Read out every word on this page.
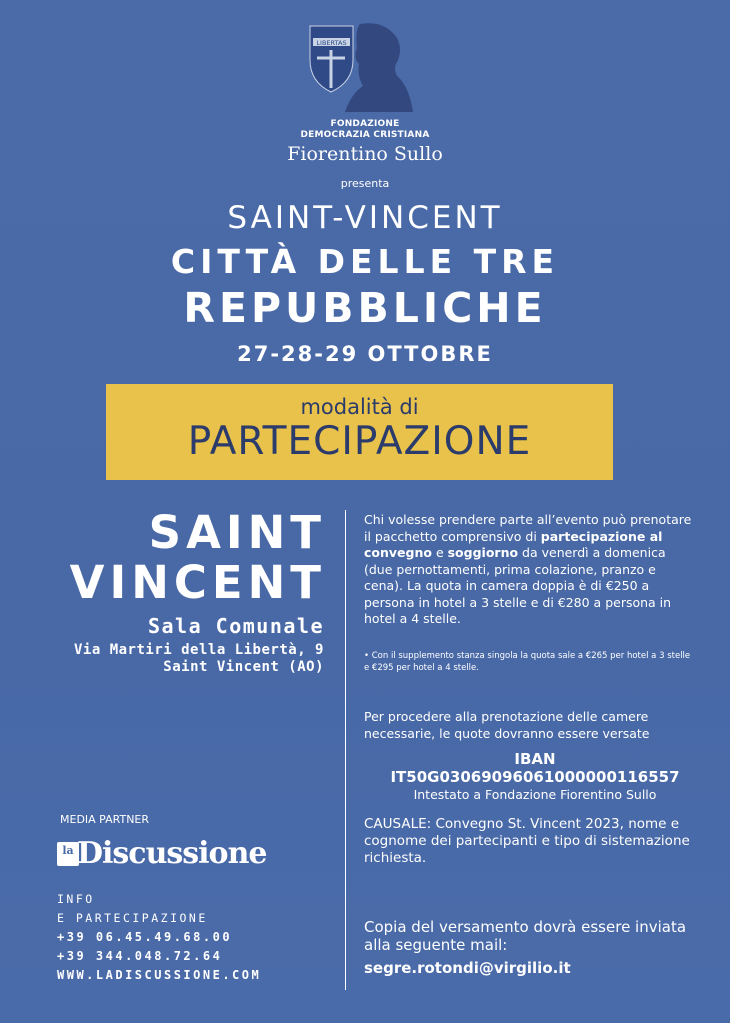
LIBERTAS
FONDAZIONE
DEMOCRAZIA CRISTIANA
Fiorentino Sullo
presenta
SAINT-VINCENT
CITTÀ DELLE TRE
REPUBBLICHE
27-28-29 OTTOBRE
modalità di
PARTECIPAZIONE
SAINT
VINCENT
Sala Comunale
Via Martiri della Libertà, 9
Saint Vincent (AO)
Chi volesse prendere parte all’evento può prenotare il pacchetto comprensivo di partecipazione al convegno e soggiorno da venerdì a domenica (due pernottamenti, prima colazione, pranzo e cena). La quota in camera doppia è di €250 a persona in hotel a 3 stelle e di €280 a persona in hotel a 4 stelle.
• Con il supplemento stanza singola la quota sale a €265 per hotel a 3 stelle e €295 per hotel a 4 stelle.
Per procedere alla prenotazione delle camere necessarie, le quote dovranno essere versate
IBAN
IT50G03069096061000000116557
Intestato a Fondazione Fiorentino Sullo
CAUSALE: Convegno St. Vincent 2023, nome e cognome dei partecipanti e tipo di sistemazione richiesta.
Copia del versamento dovrà essere inviata alla seguente mail:
segre.rotondi@virgilio.it
MEDIA PARTNER
la Discussione
INFO
E PARTECIPAZIONE
+39 06.45.49.68.00
+39 344.048.72.64
WWW.LADISCUSSIONE.COM
